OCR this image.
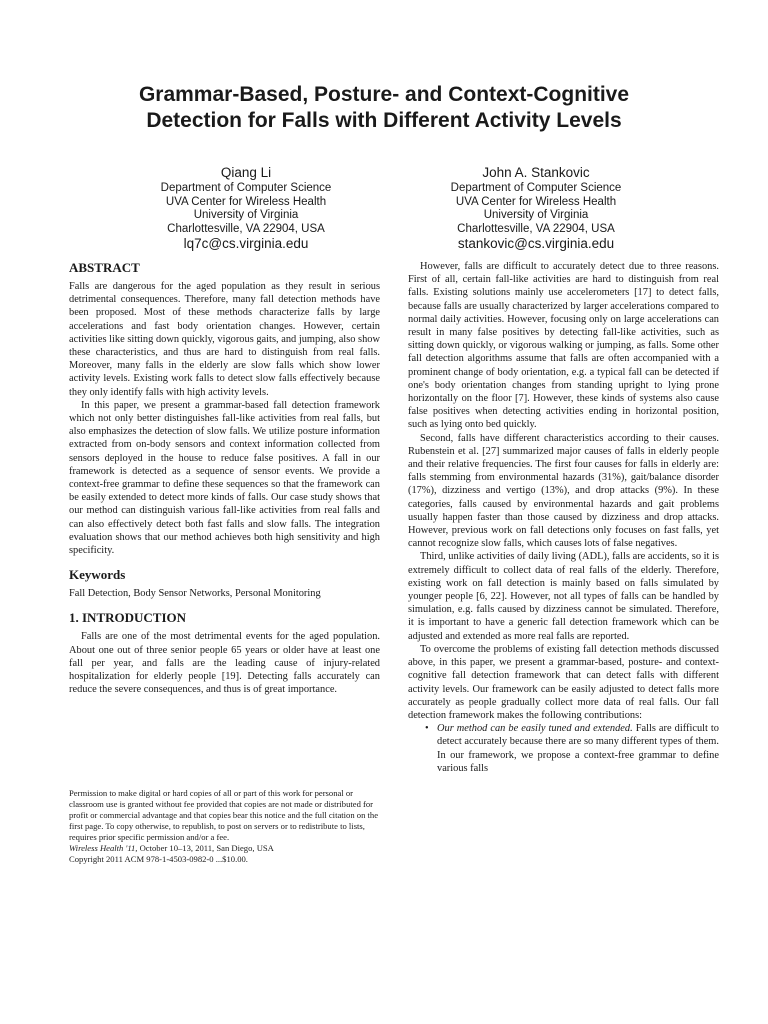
Grammar-Based, Posture- and Context-Cognitive
Detection for Falls with Different Activity Levels
Qiang Li
Department of Computer Science
UVA Center for Wireless Health
University of Virginia
Charlottesville, VA 22904, USA
lq7c@cs.virginia.edu
John A. Stankovic
Department of Computer Science
UVA Center for Wireless Health
University of Virginia
Charlottesville, VA 22904, USA
stankovic@cs.virginia.edu
ABSTRACT

Falls are dangerous for the aged population as they result in serious detrimental consequences. Therefore, many fall detection methods have been proposed. Most of these methods characterize falls by large accelerations and fast body orientation changes. However, certain activities like sitting down quickly, vigorous gaits, and jumping, also show these characteristics, and thus are hard to distinguish from real falls. Moreover, many falls in the elderly are slow falls which show lower activity levels. Existing work falls to detect slow falls effectively because they only identify falls with high activity levels.

In this paper, we present a grammar-based fall detection framework which not only better distinguishes fall-like activities from real falls, but also emphasizes the detection of slow falls. We utilize posture information extracted from on-body sensors and context information collected from sensors deployed in the house to reduce false positives. A fall in our framework is detected as a sequence of sensor events. We provide a context-free grammar to define these sequences so that the framework can be easily extended to detect more kinds of falls. Our case study shows that our method can distinguish various fall-like activities from real falls and can also effectively detect both fast falls and slow falls. The integration evaluation shows that our method achieves both high sensitivity and high specificity.

Keywords

Fall Detection, Body Sensor Networks, Personal Monitoring

1. INTRODUCTION

Falls are one of the most detrimental events for the aged population. About one out of three senior people 65 years or older have at least one fall per year, and falls are the leading cause of injury-related hospitalization for elderly people [19]. Detecting falls accurately can reduce the severe consequences, and thus is of great importance.

Permission to make digital or hard copies of all or part of this work for personal or classroom use is granted without fee provided that copies are not made or distributed for profit or commercial advantage and that copies bear this notice and the full citation on the first page. To copy otherwise, to republish, to post on servers or to redistribute to lists, requires prior specific permission and/or a fee.
Wireless Health '11, October 10–13, 2011, San Diego, USA
Copyright 2011 ACM 978-1-4503-0982-0 ...$10.00.

However, falls are difficult to accurately detect due to three reasons. First of all, certain fall-like activities are hard to distinguish from real falls. Existing solutions mainly use accelerometers [17] to detect falls, because falls are usually characterized by larger accelerations compared to normal daily activities. However, focusing only on large accelerations can result in many false positives by detecting fall-like activities, such as sitting down quickly, or vigorous walking or jumping, as falls. Some other fall detection algorithms assume that falls are often accompanied with a prominent change of body orientation, e.g. a typical fall can be detected if one's body orientation changes from standing upright to lying prone horizontally on the floor [7]. However, these kinds of systems also cause false positives when detecting activities ending in horizontal position, such as lying onto bed quickly.

Second, falls have different characteristics according to their causes. Rubenstein et al. [27] summarized major causes of falls in elderly people and their relative frequencies. The first four causes for falls in elderly are: falls stemming from environmental hazards (31%), gait/balance disorder (17%), dizziness and vertigo (13%), and drop attacks (9%). In these categories, falls caused by environmental hazards and gait problems usually happen faster than those caused by dizziness and drop attacks. However, previous work on fall detections only focuses on fast falls, yet cannot recognize slow falls, which causes lots of false negatives.

Third, unlike activities of daily living (ADL), falls are accidents, so it is extremely difficult to collect data of real falls of the elderly. Therefore, existing work on fall detection is mainly based on falls simulated by younger people [6, 22]. However, not all types of falls can be handled by simulation, e.g. falls caused by dizziness cannot be simulated. Therefore, it is important to have a generic fall detection framework which can be adjusted and extended as more real falls are reported.

To overcome the problems of existing fall detection methods discussed above, in this paper, we present a grammar-based, posture- and context-cognitive fall detection framework that can detect falls with different activity levels. Our framework can be easily adjusted to detect falls more accurately as people gradually collect more data of real falls. Our fall detection framework makes the following contributions:

• Our method can be easily tuned and extended. Falls are difficult to detect accurately because there are so many different types of them. In our framework, we propose a context-free grammar to define various falls
